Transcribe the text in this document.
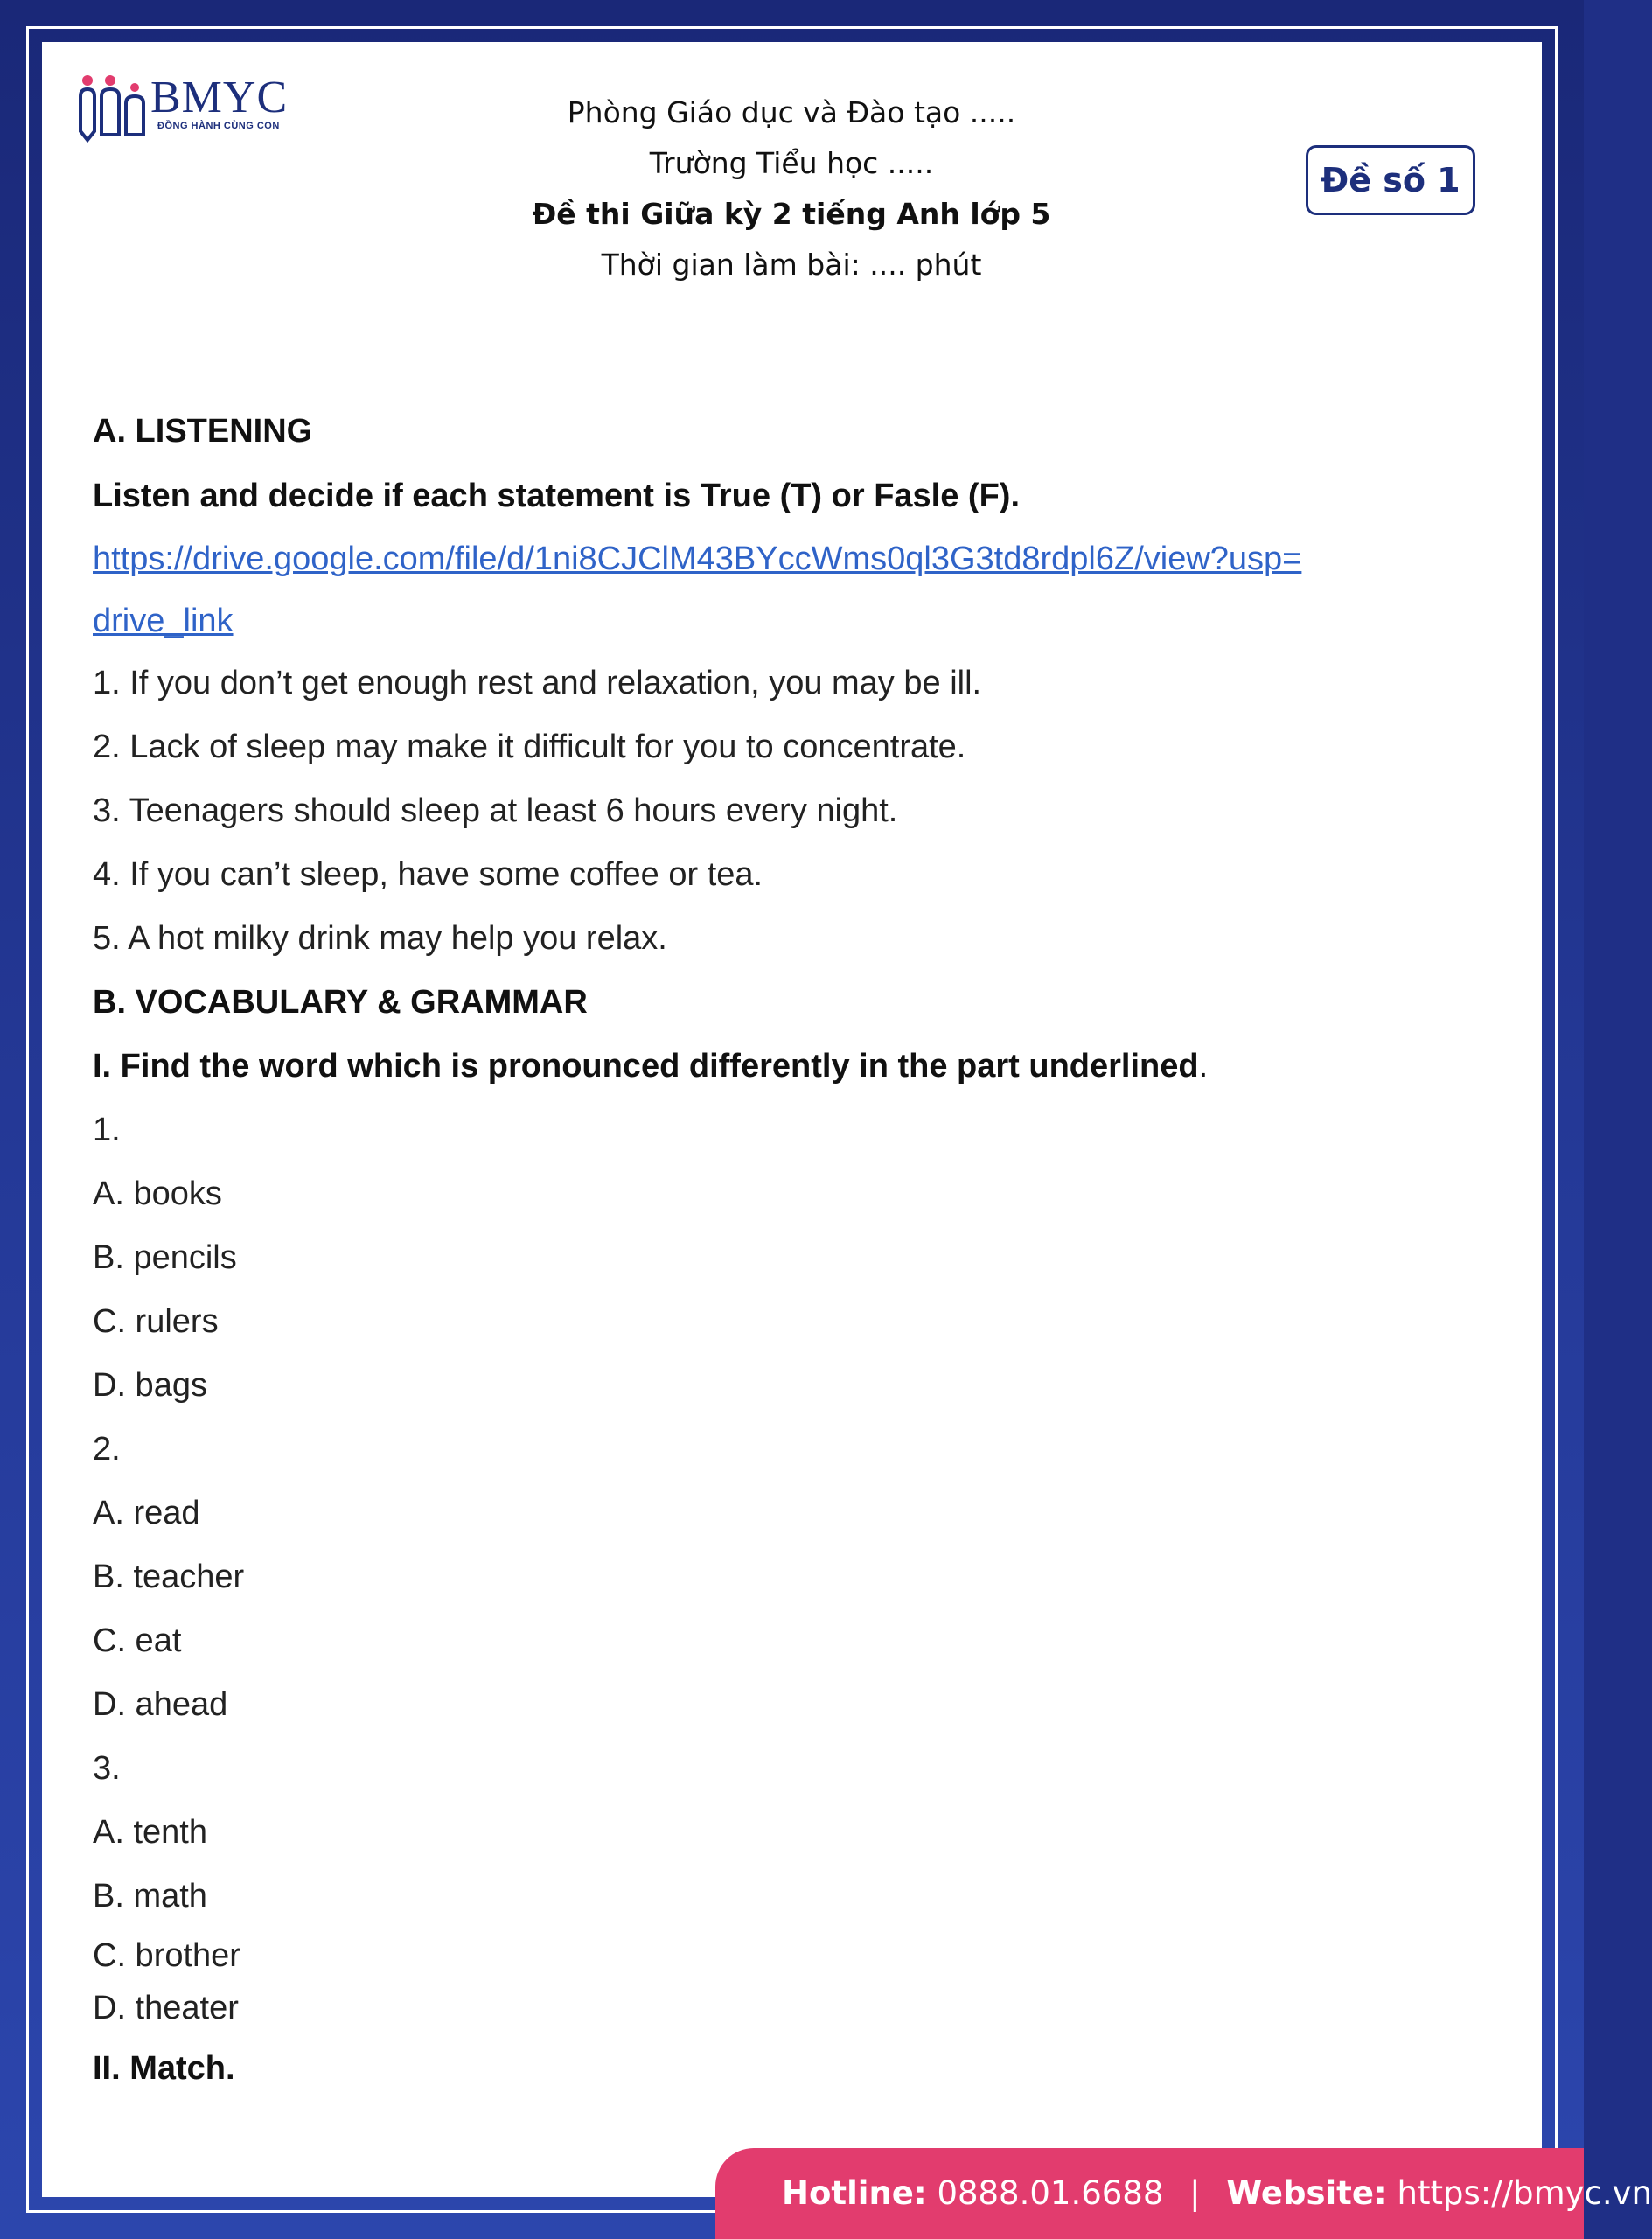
BMYC
ĐỒNG HÀNH CÙNG CON	Phòng Giáo dục và Đào tạo .....
Trường Tiểu học .....
Đề thi Giữa kỳ 2 tiếng Anh lớp 5
Thời gian làm bài: .... phút
Đề số 1
A. LISTENING
Listen and decide if each statement is True (T) or Fasle (F).
https://drive.google.com/file/d/1ni8CJClM43BYccWms0ql3G3td8rdpl6Z/view?usp=
drive_link
1. If you don’t get enough rest and relaxation, you may be ill.
2. Lack of sleep may make it difficult for you to concentrate.
3. Teenagers should sleep at least 6 hours every night.
4. If you can’t sleep, have some coffee or tea.
5. A hot milky drink may help you relax.
B. VOCABULARY & GRAMMAR
I. Find the word which is pronounced differently in the part underlined.
1.
A. books
B. pencils
C. rulers
D. bags
2.
A. read
B. teacher
C. eat
D. ahead
3.
A. tenth
B. math
C. brother
D. theater
II. Match.
Hotline: 0888.01.6688 | Website: https://bmyc.vn
